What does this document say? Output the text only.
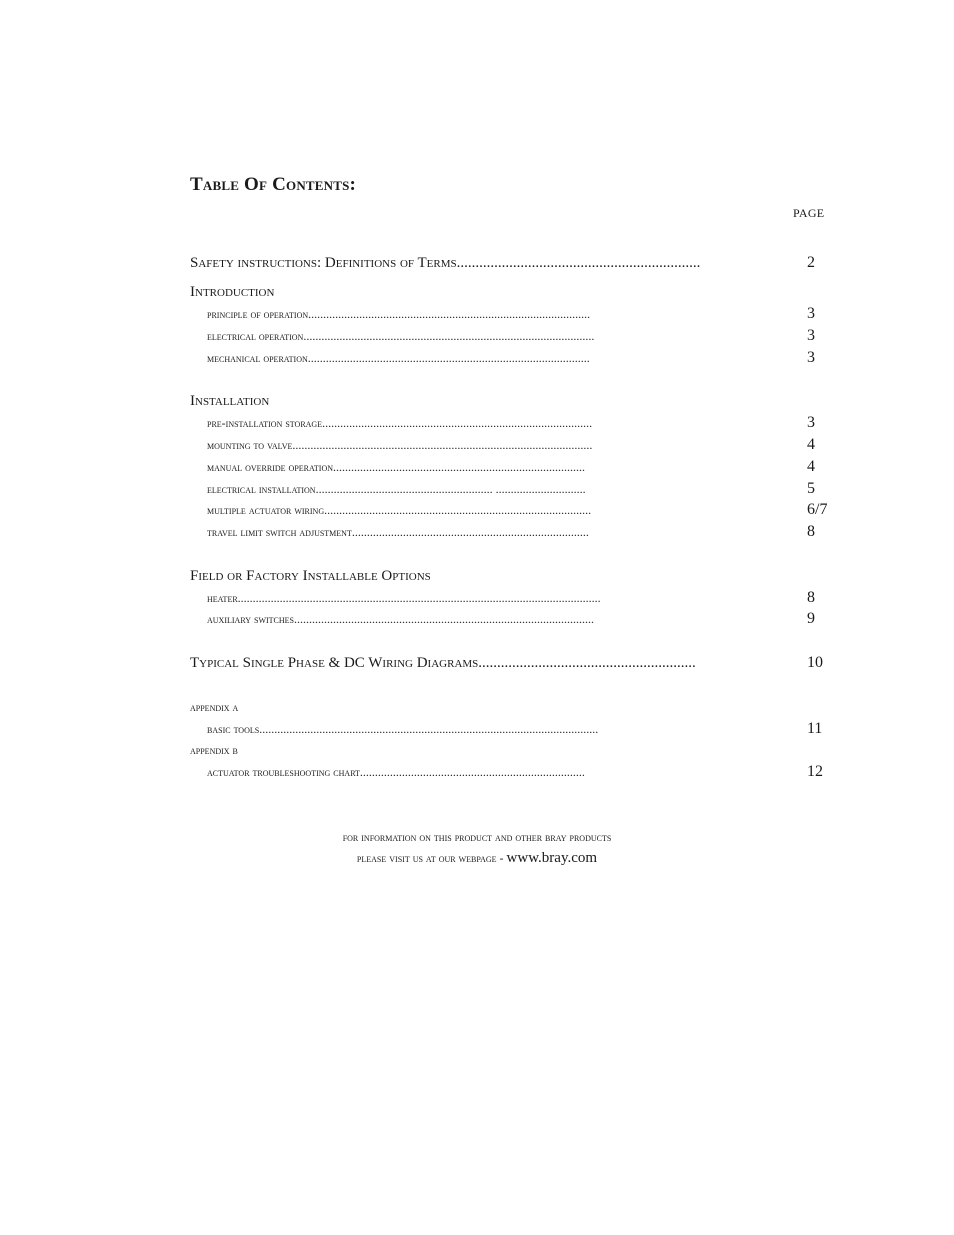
Table Of Contents:
PAGE
Safety instructions: Definitions of Terms.................................................................	2
Introduction
principle of operation..............................................................................................	3
electrical operation.................................................................................................	3
mechanical operation..............................................................................................	3
Installation
pre-installation storage..........................................................................................	3
mounting to valve....................................................................................................	4
manual override operation....................................................................................	4
electrical installation........................................................... ..............................	5
multiple actuator wiring.........................................................................................	6/7
travel limit switch adjustment...............................................................................	8
Field or Factory Installable Options
heater.........................................................................................................................	8
auxiliary switches....................................................................................................	9
Typical Single Phase & DC Wiring Diagrams..........................................................	10
appendix a
basic tools.................................................................................................................	11
appendix b
actuator troubleshooting chart...........................................................................	12
for information on this product and other bray products
please visit us at our webpage - www.bray.com
